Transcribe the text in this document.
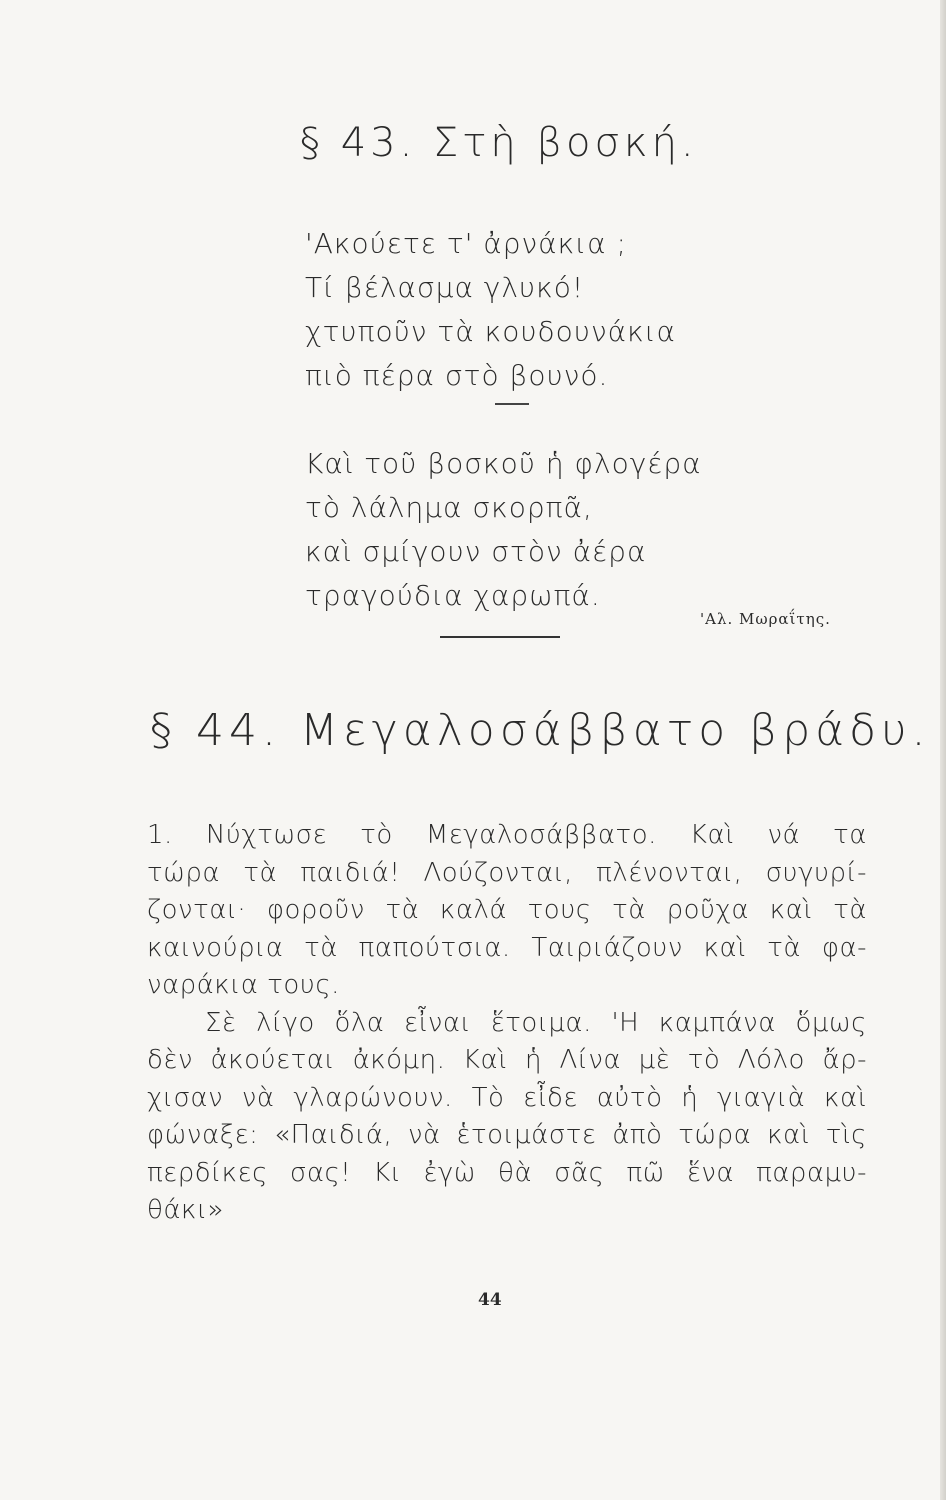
§ 43. Στὴ βοσκή.
'Ακούετε τ' ἀρνάκια ;
Τί βέλασμα γλυκό!
χτυποῦν τὰ κουδουνάκια
πιὸ πέρα στὸ βουνό.
Καὶ τοῦ βοσκοῦ ἡ φλογέρα
τὸ λάλημα σκορπᾶ,
καὶ σμίγουν στὸν ἀέρα
τραγούδια χαρωπά.
'Αλ. Μωραΐτης.
§ 44. Μεγαλοσάββατο βράδυ.
1. Νύχτωσε τὸ Μεγαλοσάββατο. Καὶ νά τα
τώρα τὰ παιδιά! Λούζονται, πλένονται, συγυρί-
ζονται· φοροῦν τὰ καλά τους τὰ ροῦχα καὶ τὰ
καινούρια τὰ παπούτσια. Ταιριάζουν καὶ τὰ φα-
ναράκια τους.
Σὲ λίγο ὅλα εἶναι ἕτοιμα. 'Η καμπάνα ὅμως
δὲν ἀκούεται ἀκόμη. Καὶ ἡ Λίνα μὲ τὸ Λόλο ἄρ-
χισαν νὰ γλαρώνουν. Τὸ εἶδε αὐτὸ ἡ γιαγιὰ καὶ
φώναξε: «Παιδιά, νὰ ἑτοιμάστε ἀπὸ τώρα καὶ τὶς
περδίκες σας! Κι ἐγὼ θὰ σᾶς πῶ ἕνα παραμυ-
θάκι»
44
